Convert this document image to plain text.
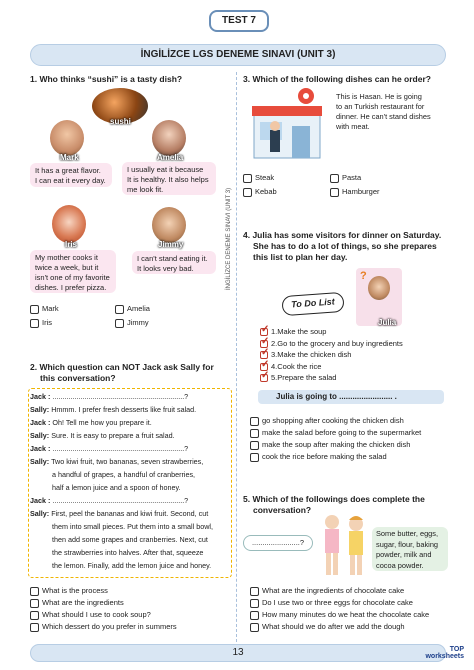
TEST 7
İNGİLİZCE LGS DENEME SINAVI (UNIT 3)
İNGİLİZCE DENEME SINAVI (UNIT 3)
1. Who thinks “sushi” is a tasty dish?
sushi
Mark
It has a great flavor.
I can eat it every day.
Amelia
I usually eat it because
It is healthy. It also helps
me look fit.
Iris
My mother cooks it
twice a week, but it
isn't one of my favorite
dishes. I prefer pizza.
Jimmy
I can't stand eating it.
It looks very bad.
Mark	Amelia
Iris	Jimmy
2. Which question can NOT Jack ask Sally for
this conversation?
Jack : ..................................................................?
Sally: Hmmm. I prefer fresh desserts like fruit salad.
Jack : Oh! Tell me how you prepare it.
Sally: Sure. It is easy to prepare a fruit salad.
Jack : ..................................................................?
Sally: Two kiwi fruit, two bananas, seven strawberries,
a handful of grapes, a handful of cranberries,
half a lemon juice and a spoon of honey.
Jack : ..................................................................?
Sally: First, peel the bananas and kiwi fruit. Second, cut
them into small pieces. Put them into a small bowl,
then add some grapes and cranberries. Next, cut
the strawberries into halves. After that, squeeze
the lemon. Finally, add the lemon juice and honey.
What is the process
What are the ingredients
What should I use to cook soup?
Which dessert do you prefer in summers
3. Which of the following dishes can he order?
This is Hasan. He is going
to an Turkish restaurant for
dinner. He can't stand dishes
with meat.
Steak	Pasta
Kebab	Hamburger
4. Julia has some visitors for dinner on Saturday.
She has to do a lot of things, so she prepares
this list to plan her day.
To Do List
?
Julia
✓1.Make the soup
✓2.Go to the grocery and buy ingredients
✓3.Make the chicken dish
✓4.Cook the rice
✓5.Prepare the salad
Julia is going to ........................ .
go shopping after cooking the chicken dish
make the salad before going to the supermarket
make the soup after making the chicken dish
cook the rice before making the salad
5. Which of the followings does complete the
conversation?
.......................?
Some butter, eggs,
sugar, flour, baking
powder, milk and
cocoa powder.
What are the ingredients of chocolate cake
Do I use two or three eggs for chocolate cake
How many minutes do we heat the chocolate cake
What should we do after we add the dough
13	TOP
worksheets
